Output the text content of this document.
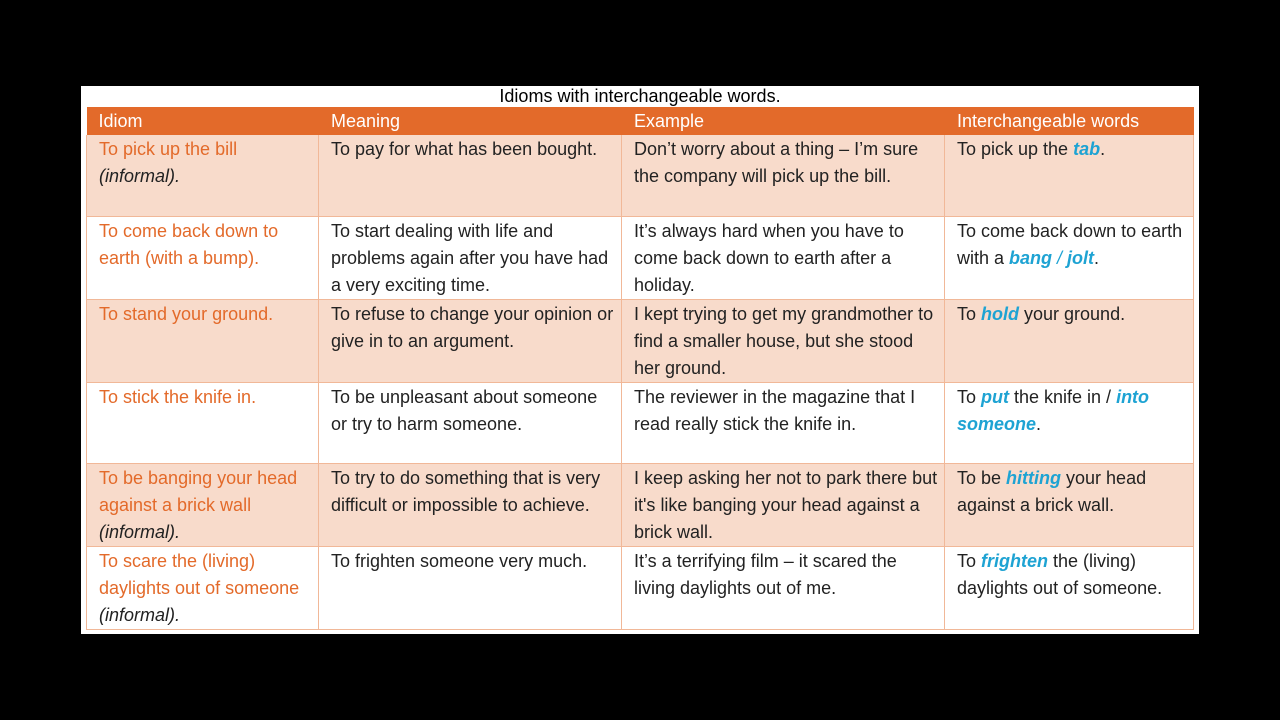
Idioms with interchangeable words.
Idiom	Meaning	Example	Interchangeable words
To pick up the bill (informal).	To pay for what has been bought.	Don’t worry about a thing – I’m sure the company will pick up the bill.	To pick up the tab.
To come back down to earth (with a bump).	To start dealing with life and problems again after you have had a very exciting time.	It’s always hard when you have to come back down to earth after a holiday.	To come back down to earth with a bang / jolt.
To stand your ground.	To refuse to change your opinion or give in to an argument.	I kept trying to get my grandmother to find a smaller house, but she stood her ground.	To hold your ground.
To stick the knife in.	To be unpleasant about someone or try to harm someone.	The reviewer in the magazine that I read really stick the knife in.	To put the knife in / into someone.
To be banging your head against a brick wall (informal).	To try to do something that is very difficult or impossible to achieve.	I keep asking her not to park there but it's like banging your head against a brick wall.	To be hitting your head against a brick wall.
To scare the (living) daylights out of someone (informal).	To frighten someone very much.	It’s a terrifying film – it scared the living daylights out of me.	To frighten the (living) daylights out of someone.
